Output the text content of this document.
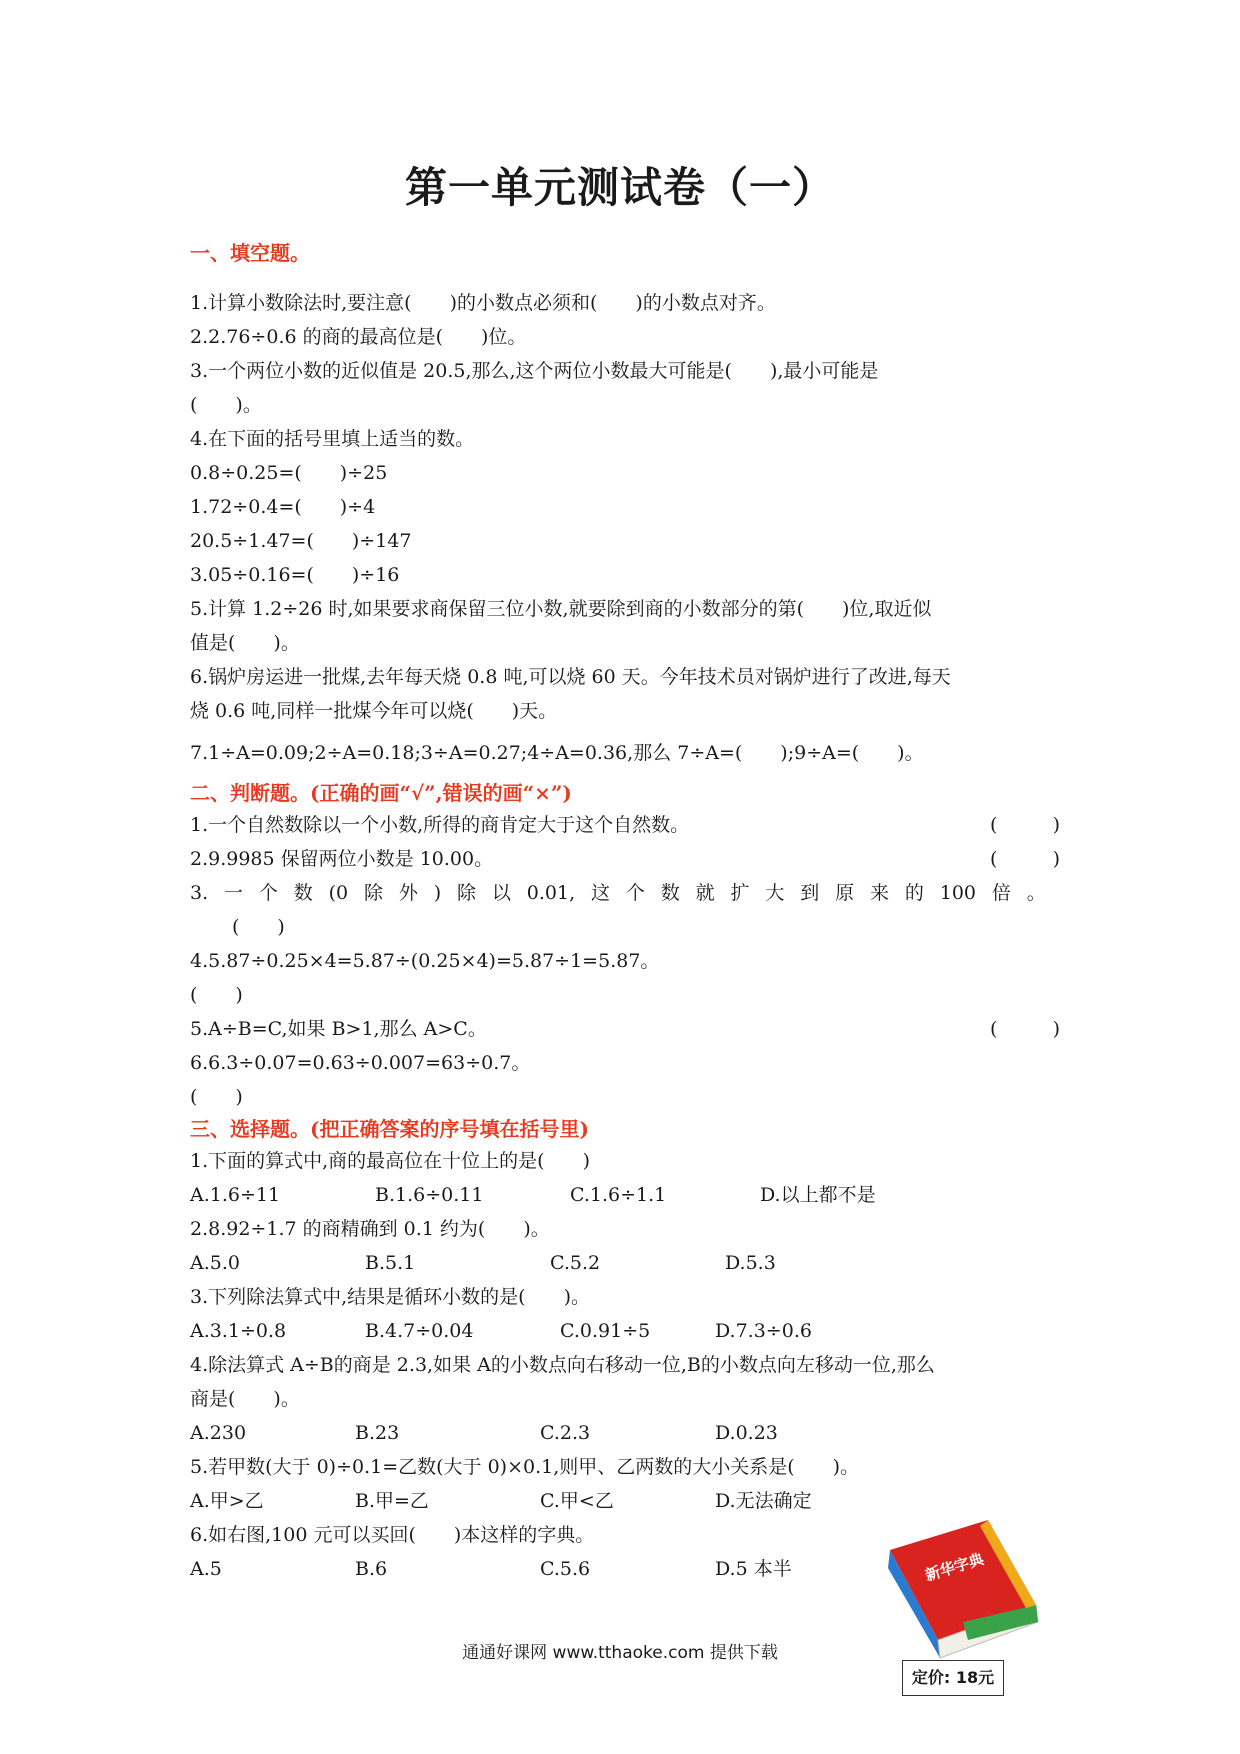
第一单元测试卷（一）
一、填空题。
1.计算小数除法时,要注意(　　)的小数点必须和(　　)的小数点对齐。
2.2.76÷0.6 的商的最高位是(　　)位。
3.一个两位小数的近似值是 20.5,那么,这个两位小数最大可能是(　　),最小可能是
(　　)。
4.在下面的括号里填上适当的数。
0.8÷0.25=(　　)÷25
1.72÷0.4=(　　)÷4
20.5÷1.47=(　　)÷147
3.05÷0.16=(　　)÷16
5.计算 1.2÷26 时,如果要求商保留三位小数,就要除到商的小数部分的第(　　)位,取近似
值是(　　)。
6.锅炉房运进一批煤,去年每天烧 0.8 吨,可以烧 60 天。今年技术员对锅炉进行了改进,每天
烧 0.6 吨,同样一批煤今年可以烧(　　)天。
7.1÷A=0.09;2÷A=0.18;3÷A=0.27;4÷A=0.36,那么 7÷A=(　　);9÷A=(　　)。
二、判断题。(正确的画“√”,错误的画“×”)
1.一个自然数除以一个小数,所得的商肯定大于这个自然数。	(	)
2.9.9985 保留两位小数是 10.00。	(	)
3. 一 个 数 (0 除 外 ) 除 以 0.01, 这 个 数 就 扩 大 到 原 来 的 100 倍 。
(　　)
4.5.87÷0.25×4=5.87÷(0.25×4)=5.87÷1=5.87。
(　　)
5.A÷B=C,如果 B>1,那么 A>C。	(	)
6.6.3÷0.07=0.63÷0.007=63÷0.7。
(　　)
三、选择题。(把正确答案的序号填在括号里)
1.下面的算式中,商的最高位在十位上的是(　　)
A.1.6÷11	B.1.6÷0.11	C.1.6÷1.1	D.以上都不是
2.8.92÷1.7 的商精确到 0.1 约为(　　)。
A.5.0	B.5.1	C.5.2	D.5.3
3.下列除法算式中,结果是循环小数的是(　　)。
A.3.1÷0.8	B.4.7÷0.04	C.0.91÷5	D.7.3÷0.6
4.除法算式 A÷B的商是 2.3,如果 A的小数点向右移动一位,B的小数点向左移动一位,那么
商是(　　)。
A.230	B.23	C.2.3	D.0.23
5.若甲数(大于 0)÷0.1=乙数(大于 0)×0.1,则甲、乙两数的大小关系是(　　)。
A.甲>乙	B.甲=乙	C.甲<乙	D.无法确定
6.如右图,100 元可以买回(　　)本这样的字典。
A.5	B.6	C.5.6	D.5 本半	新华字典
定价: 18元
通通好课网 www.tthaoke.com 提供下载
